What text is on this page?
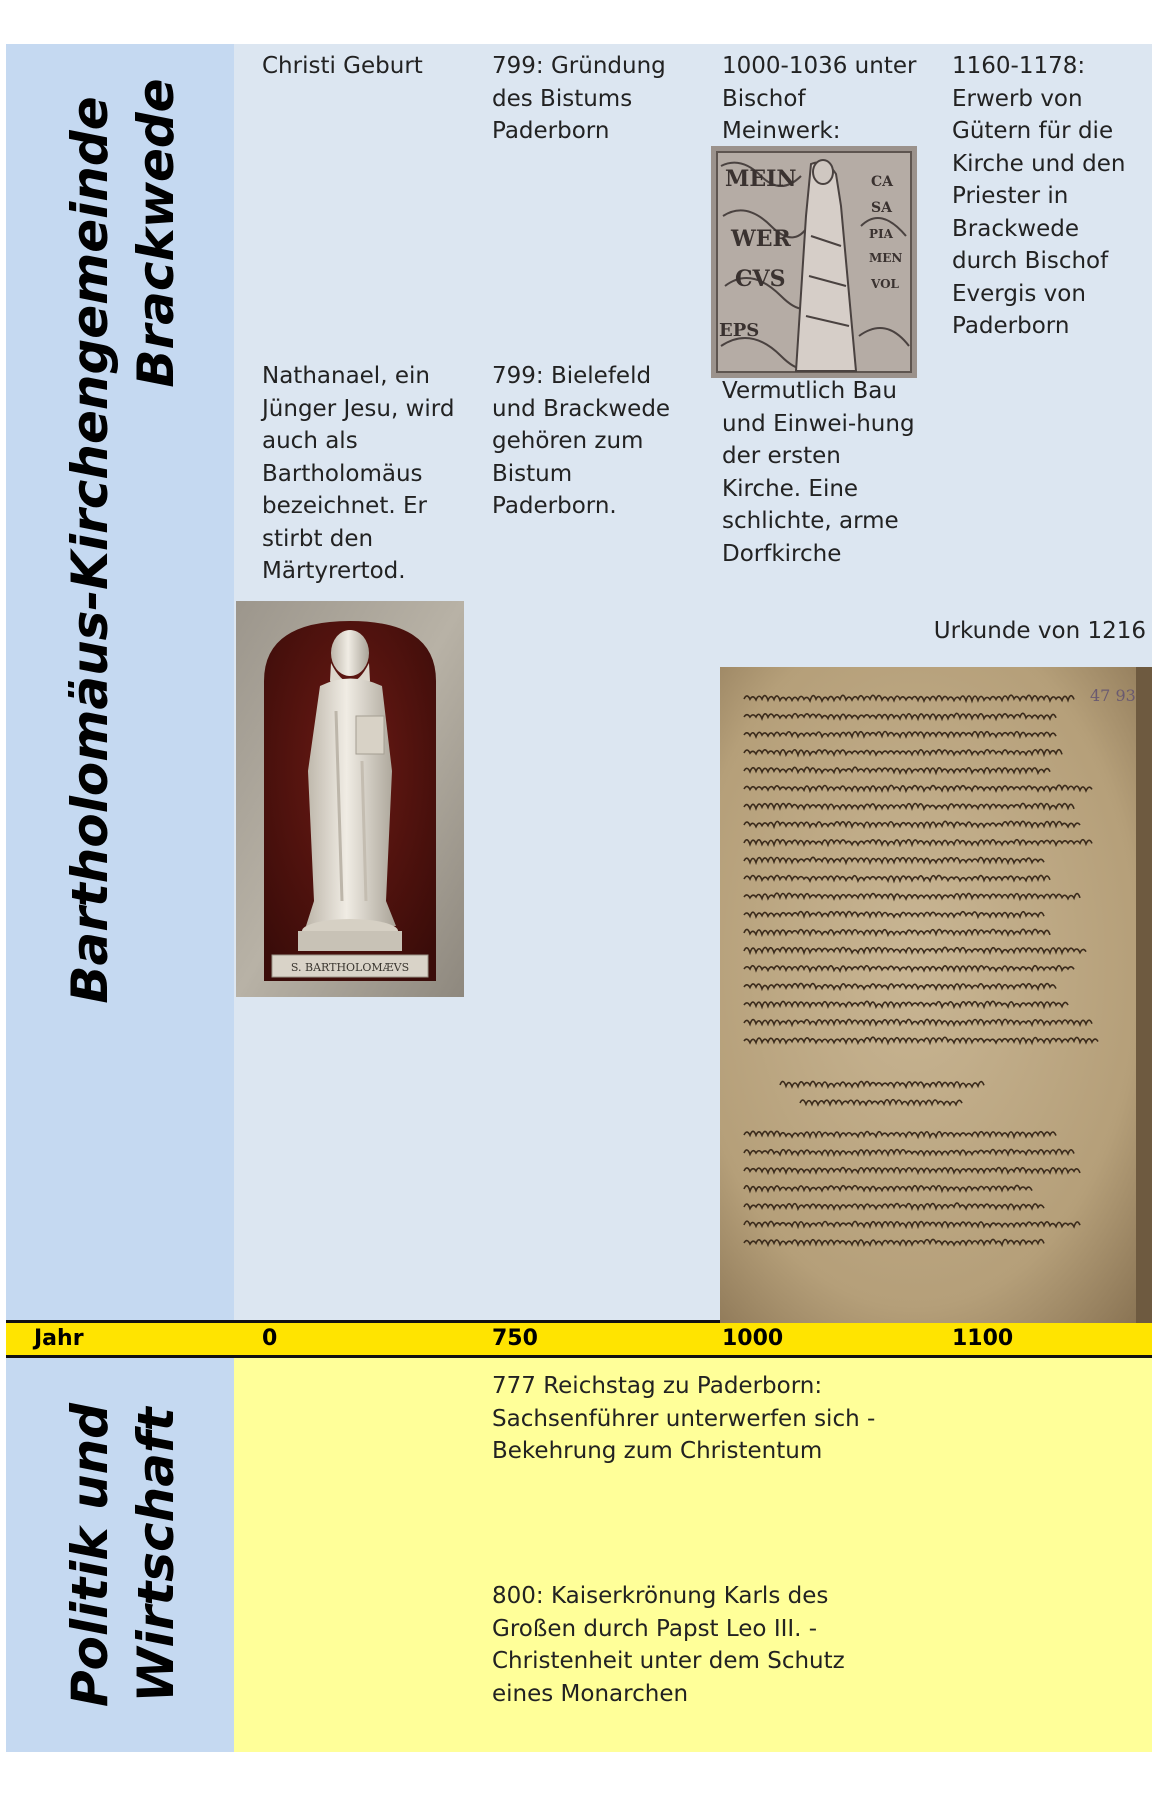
Bartholomäus-Kirchengemeinde Brackwede
Politik und Wirtschaft
Christi Geburt
Nathanael, ein Jünger Jesu, wird auch als Bartholomäus bezeichnet. Er stirbt den Märtyrertod.
S. BARTHOLOMÆVS
799: Gründung des Bistums Paderborn
799: Bielefeld und Brackwede gehören zum Bistum Paderborn.
1000-1036 unter Bischof Meinwerk:
MEIN
WER
CVS
EPS
CA
SA
PIA
MEN
VOL
Vermutlich Bau und Einwei-hung der ersten Kirche. Eine schlichte, arme Dorfkirche
1160-1178: Erwerb von Gütern für die Kirche und den Priester in Brackwede durch Bischof Evergis von Paderborn
Urkunde von 1216
47 93
Jahr	0	750	1000	1100
777 Reichstag zu Paderborn: Sachsenführer unterwerfen sich - Bekehrung zum Christentum
800: Kaiserkrönung Karls des Großen durch Papst Leo III. - Christenheit unter dem Schutz eines Monarchen
